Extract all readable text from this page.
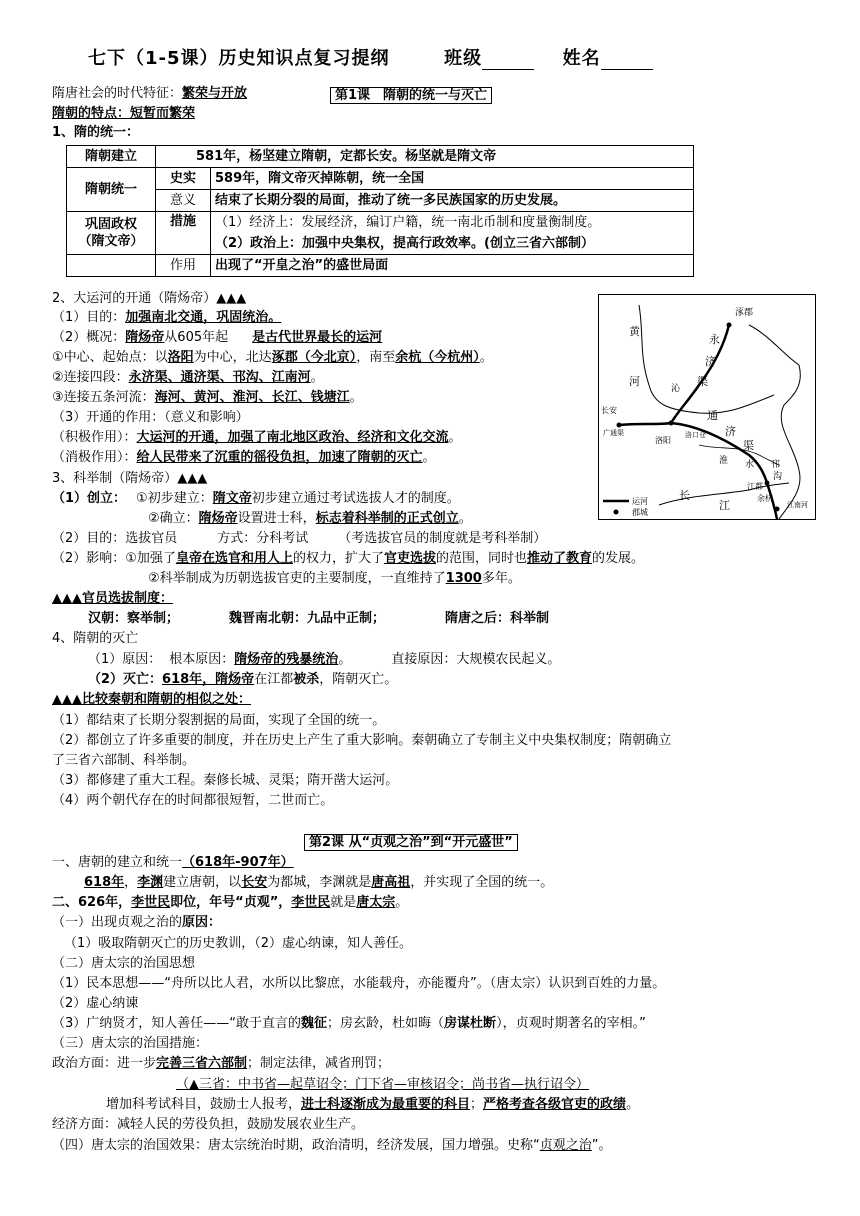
七下（1-5课）历史知识点复习提纲	班级	姓名
隋唐社会的时代特征：繁荣与开放	第1课　隋朝的统一与灭亡
隋朝的特点：短暂而繁荣
1、隋的统一：
隋朝建立	581年，杨坚建立隋朝，定都长安。杨坚就是隋文帝	
隋朝统一	史实	589年，隋文帝灭掉陈朝，统一全国
	意义	结束了长期分裂的局面，推动了统一多民族国家的历史发展。
巩固政权
（隋文帝）	措施	（1）经济上：发展经济，编订户籍，统一南北币制和度量衡制度。
		（2）政治上：加强中央集权，提高行政效率。(创立三省六部制）
	作用	出现了“开皇之治”的盛世局面
2、大运河的开通（隋炀帝）▲▲▲
（1）目的：加强南北交通，巩固统治。
（2）概况：隋炀帝从605年起 是古代世界最长的运河
①中心、起始点：以洛阳为中心，北达涿郡（今北京），南至余杭（今杭州）。
②连接四段：永济渠、通济渠、邗沟、江南河。
③连接五条河流：海河、黄河、淮河、长江、钱塘江。
（3）开通的作用：（意义和影响）
（积极作用）：大运河的开通，加强了南北地区政治、经济和文化交流。
（消极作用）：给人民带来了沉重的徭役负担，加速了隋朝的灭亡。
涿郡
黄
永
河
济
沁
渠
长安
广通渠
洛阳
洛口仓
通
济
渠
淮 水
江都
邗
沟
长
江
余杭
江南河
运河
郡城
3、科举制（隋炀帝）▲▲▲
（1）创立： ①初步建立：隋文帝初步建立通过考试选拔人才的制度。
②确立：隋炀帝设置进士科，标志着科举制的正式创立。
（2）目的：选拔官员	方式：分科考试 （考选拔官员的制度就是考科举制）
（2）影响：①加强了皇帝在选官和用人上的权力，扩大了官吏选拔的范围，同时也推动了教育的发展。
②科举制成为历朝选拔官吏的主要制度，一直维持了1300多年。
▲▲▲官员选拔制度：
汉朝：察举制；	魏晋南北朝：九品中正制；	隋唐之后：科举制
4、隋朝的灭亡
（1）原因： 根本原因：隋炀帝的残暴统治。	直接原因：大规模农民起义。
（2）灭亡：618年，隋炀帝在江都被杀，隋朝灭亡。
▲▲▲比较秦朝和隋朝的相似之处：
（1）都结束了长期分裂割据的局面，实现了全国的统一。
（2）都创立了许多重要的制度，并在历史上产生了重大影响。秦朝确立了专制主义中央集权制度；隋朝确立
了三省六部制、科举制。
（3）都修建了重大工程。秦修长城、灵渠；隋开凿大运河。
（4）两个朝代存在的时间都很短暂，二世而亡。
第2课 从“贞观之治”到“开元盛世”
一、唐朝的建立和统一（618年-907年）
618年，李渊建立唐朝，以长安为都城，李渊就是唐高祖，并实现了全国的统一。
二、626年，李世民即位，年号“贞观”，李世民就是唐太宗。
（一）出现贞观之治的原因：
（1）吸取隋朝灭亡的历史教训，（2）虚心纳谏，知人善任。
（二）唐太宗的治国思想
（1）民本思想——“舟所以比人君，水所以比黎庶，水能载舟，亦能覆舟”。（唐太宗）认识到百姓的力量。
（2）虚心纳谏
（3）广纳贤才，知人善任——“敢于直言的魏征；房玄龄，杜如晦（房谋杜断），贞观时期著名的宰相。”
（三）唐太宗的治国措施：
政治方面：进一步完善三省六部制；制定法律，减省刑罚；
（▲三省：中书省—起草诏令；门下省—审核诏令；尚书省—执行诏令）
增加科考试科目，鼓励士人报考，进士科逐渐成为最重要的科目；严格考查各级官吏的政绩。
经济方面：减轻人民的劳役负担，鼓励发展农业生产。
（四）唐太宗的治国效果：唐太宗统治时期，政治清明，经济发展，国力增强。史称“贞观之治”。
